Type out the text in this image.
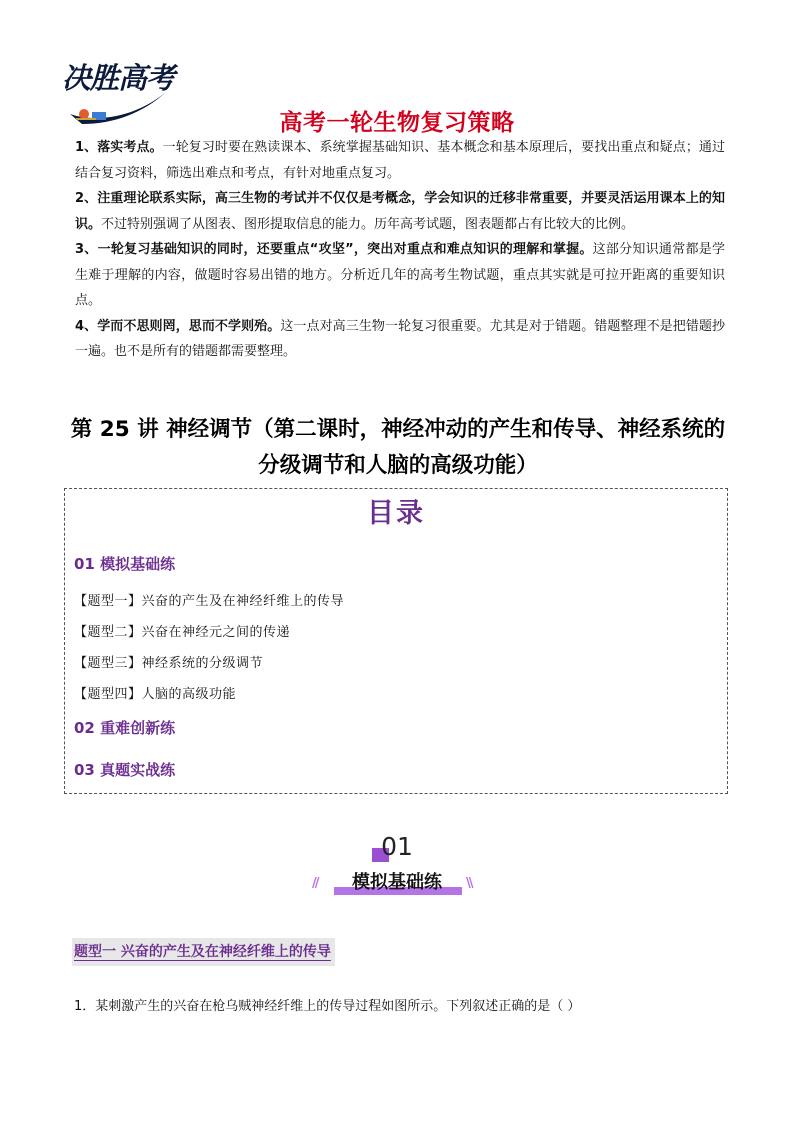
决胜高考
高考一轮生物复习策略

1、落实考点。一轮复习时要在熟读课本、系统掌握基础知识、基本概念和基本原理后，要找出重点和疑点；通过结合复习资料，筛选出难点和考点，有针对地重点复习。

2、注重理论联系实际，高三生物的考试并不仅仅是考概念，学会知识的迁移非常重要，并要灵活运用课本上的知识。不过特别强调了从图表、图形提取信息的能力。历年高考试题，图表题都占有比较大的比例。

3、一轮复习基础知识的同时，还要重点“攻坚”，突出对重点和难点知识的理解和掌握。这部分知识通常都是学生难于理解的内容，做题时容易出错的地方。分析近几年的高考生物试题，重点其实就是可拉开距离的重要知识点。

4、学而不思则罔，思而不学则殆。这一点对高三生物一轮复习很重要。尤其是对于错题。错题整理不是把错题抄一遍。也不是所有的错题都需要整理。

第 25 讲 神经调节（第二课时，神经冲动的产生和传导、神经系统的分级调节和人脑的高级功能）
目录
01 模拟基础练
【题型一】兴奋的产生及在神经纤维上的传导
【题型二】兴奋在神经元之间的传递
【题型三】神经系统的分级调节
【题型四】人脑的高级功能
02 重难创新练
03 真题实战练
01
模拟基础练
//	\\
题型一 兴奋的产生及在神经纤维上的传导
1．某刺激产生的兴奋在枪乌贼神经纤维上的传导过程如图所示。下列叙述正确的是（ ）
